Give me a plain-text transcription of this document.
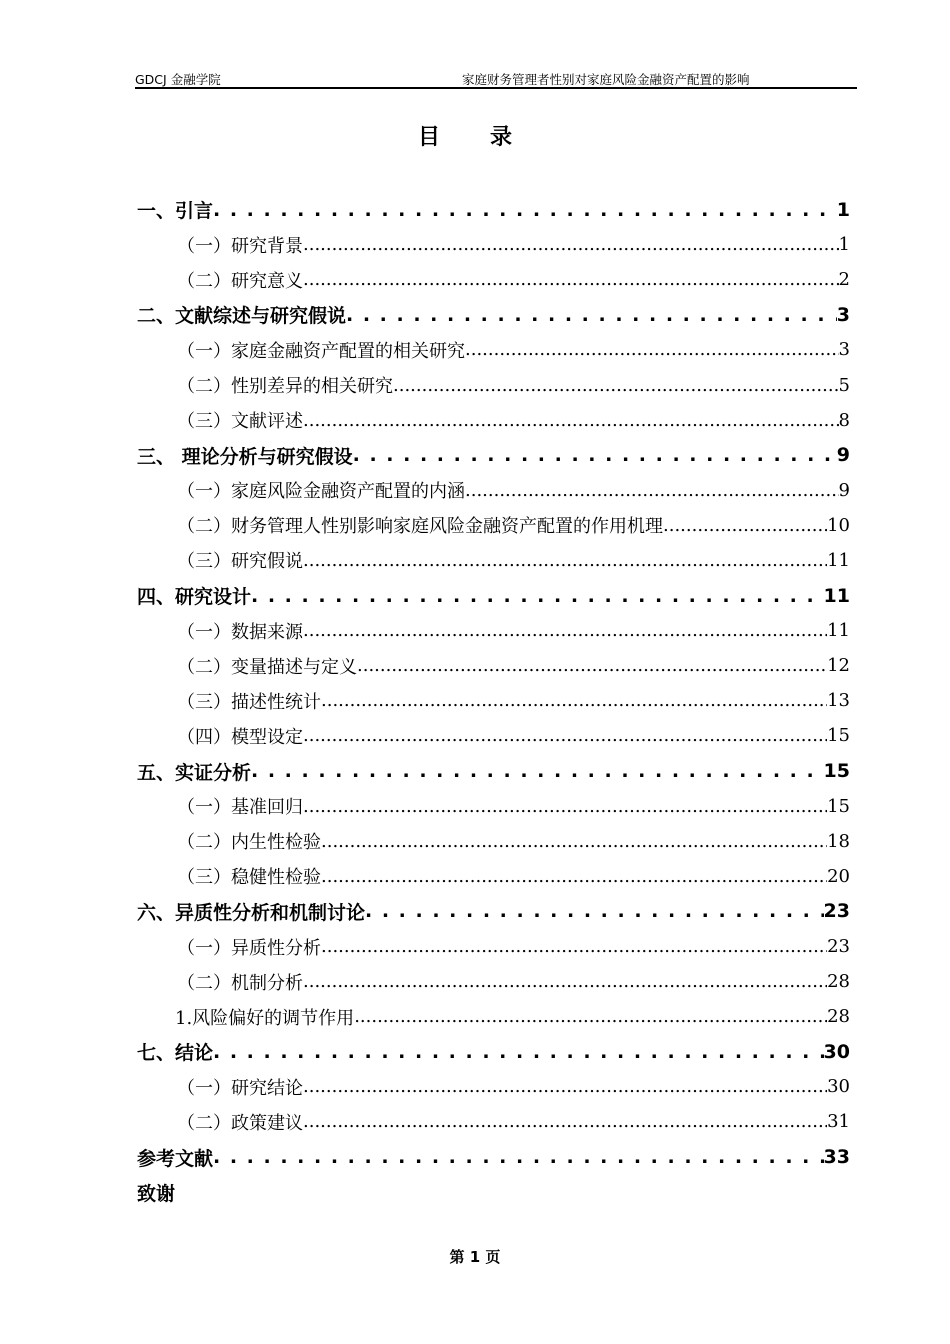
GDCJ 金融学院	家庭财务管理者性别对家庭风险金融资产配置的影响
目录
一、引言 . . .	1
（一）研究背景 .....	1
（二）研究意义 .....	2
二、文献综述与研究假说 . . .	3
（一）家庭金融资产配置的相关研究 .....	3
（二）性别差异的相关研究 .....	5
（三）文献评述 .....	8
三、 理论分析与研究假设 . . .	9
（一）家庭风险金融资产配置的内涵 .....	9
（二）财务管理人性别影响家庭风险金融资产配置的作用机理 .....	10
（三）研究假说 .....	11
四、研究设计 . . .	11
（一）数据来源 .....	11
（二）变量描述与定义 .....	12
（三）描述性统计 .....	13
（四）模型设定 .....	15
五、实证分析 . . .	15
（一）基准回归 .....	15
（二）内生性检验 .....	18
（三）稳健性检验 .....	20
六、异质性分析和机制讨论 . . .	23
（一）异质性分析 .....	23
（二）机制分析 .....	28
1.风险偏好的调节作用 .....	28
七、结论 . . .	30
（一）研究结论 .....	30
（二）政策建议 .....	31
参考文献 . . .	33
致谢
第 1 页
